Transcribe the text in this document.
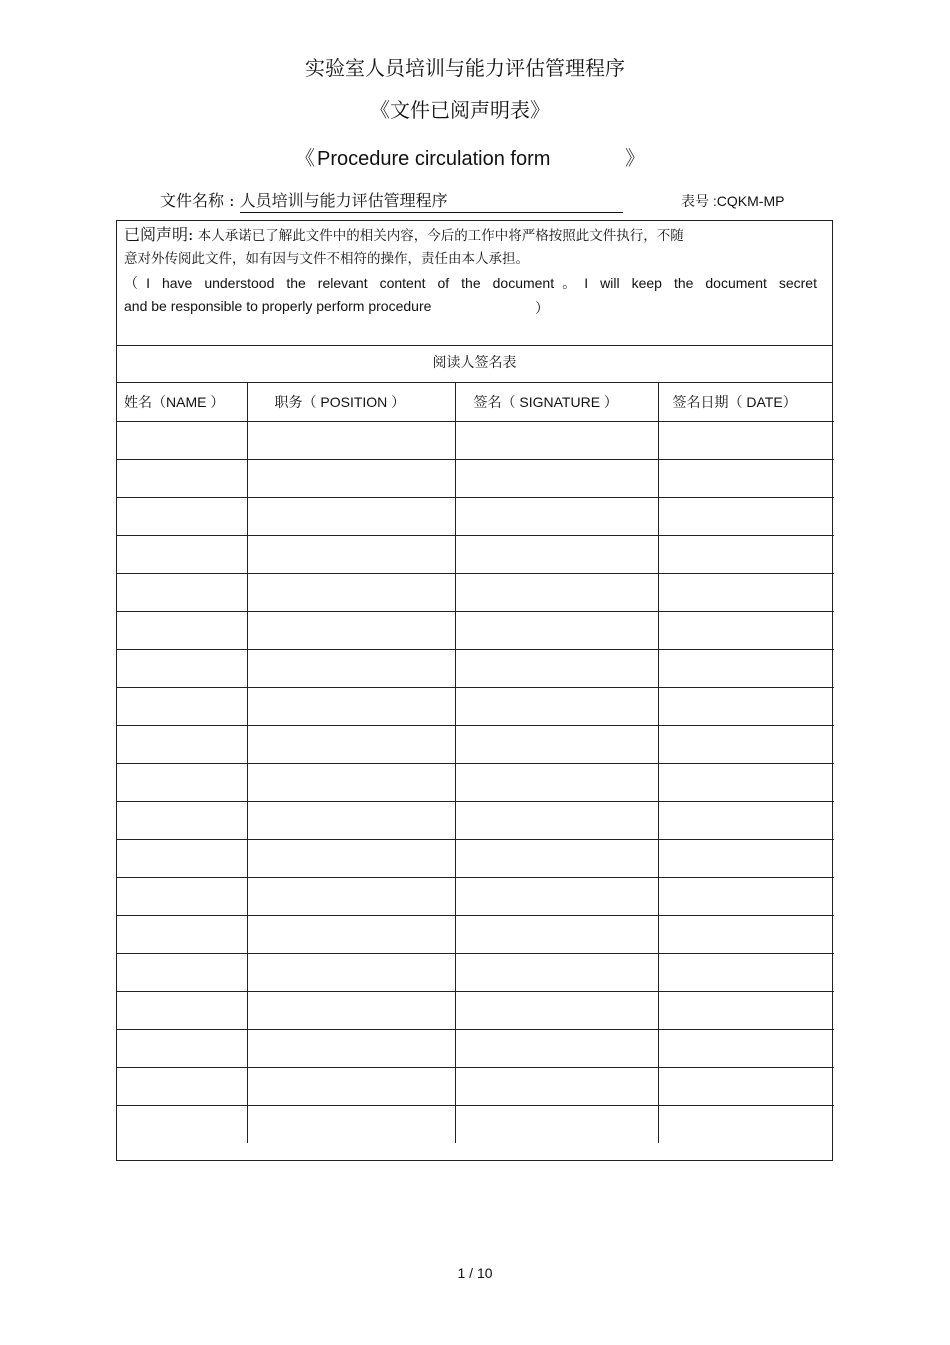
实验室人员培训与能力评估管理程序
《文件已阅声明表》
《 Procedure circulation form	》
文件名称 : 人员培训与能力评估管理程序	表号 :CQKM-MP
已阅声明: 本人承诺已了解此文件中的相关内容，今后的工作中将严格按照此文件执行，不随
意对外传阅此文件，如有因与文件不相符的操作，责任由本人承担。
（I have understood the relevant content of the document。I will keep the document secret
and be responsible to properly perform procedure	）
阅读人签名表
姓名（NAME ）	职务（ POSITION ）	签名（ SIGNATURE ）	签名日期（ DATE）

1 / 10
